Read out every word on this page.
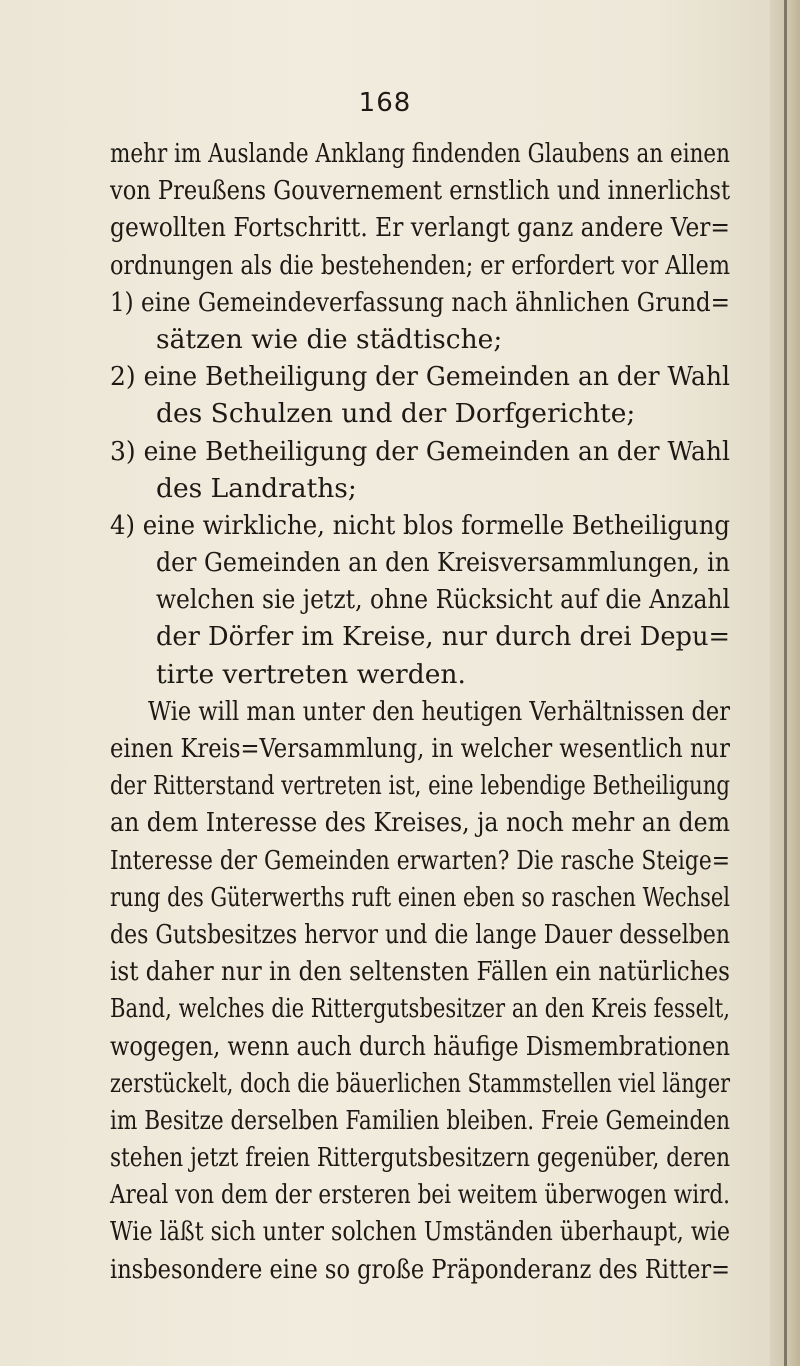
168
mehr im Auslande Anklang findenden Glaubens an einen
von Preußens Gouvernement ernstlich und innerlichst
gewollten Fortschritt. Er verlangt ganz andere Ver=
ordnungen als die bestehenden; er erfordert vor Allem
1) eine Gemeindeverfassung nach ähnlichen Grund=
sätzen wie die städtische;
2) eine Betheiligung der Gemeinden an der Wahl
des Schulzen und der Dorfgerichte;
3) eine Betheiligung der Gemeinden an der Wahl
des Landraths;
4) eine wirkliche, nicht blos formelle Betheiligung
der Gemeinden an den Kreisversammlungen, in
welchen sie jetzt, ohne Rücksicht auf die Anzahl
der Dörfer im Kreise, nur durch drei Depu=
tirte vertreten werden.
Wie will man unter den heutigen Verhältnissen der
einen Kreis=Versammlung, in welcher wesentlich nur
der Ritterstand vertreten ist, eine lebendige Betheiligung
an dem Interesse des Kreises, ja noch mehr an dem
Interesse der Gemeinden erwarten? Die rasche Steige=
rung des Güterwerths ruft einen eben so raschen Wechsel
des Gutsbesitzes hervor und die lange Dauer desselben
ist daher nur in den seltensten Fällen ein natürliches
Band, welches die Rittergutsbesitzer an den Kreis fesselt,
wogegen, wenn auch durch häufige Dismembrationen
zerstückelt, doch die bäuerlichen Stammstellen viel länger
im Besitze derselben Familien bleiben. Freie Gemeinden
stehen jetzt freien Rittergutsbesitzern gegenüber, deren
Areal von dem der ersteren bei weitem überwogen wird.
Wie läßt sich unter solchen Umständen überhaupt, wie
insbesondere eine so große Präponderanz des Ritter=
